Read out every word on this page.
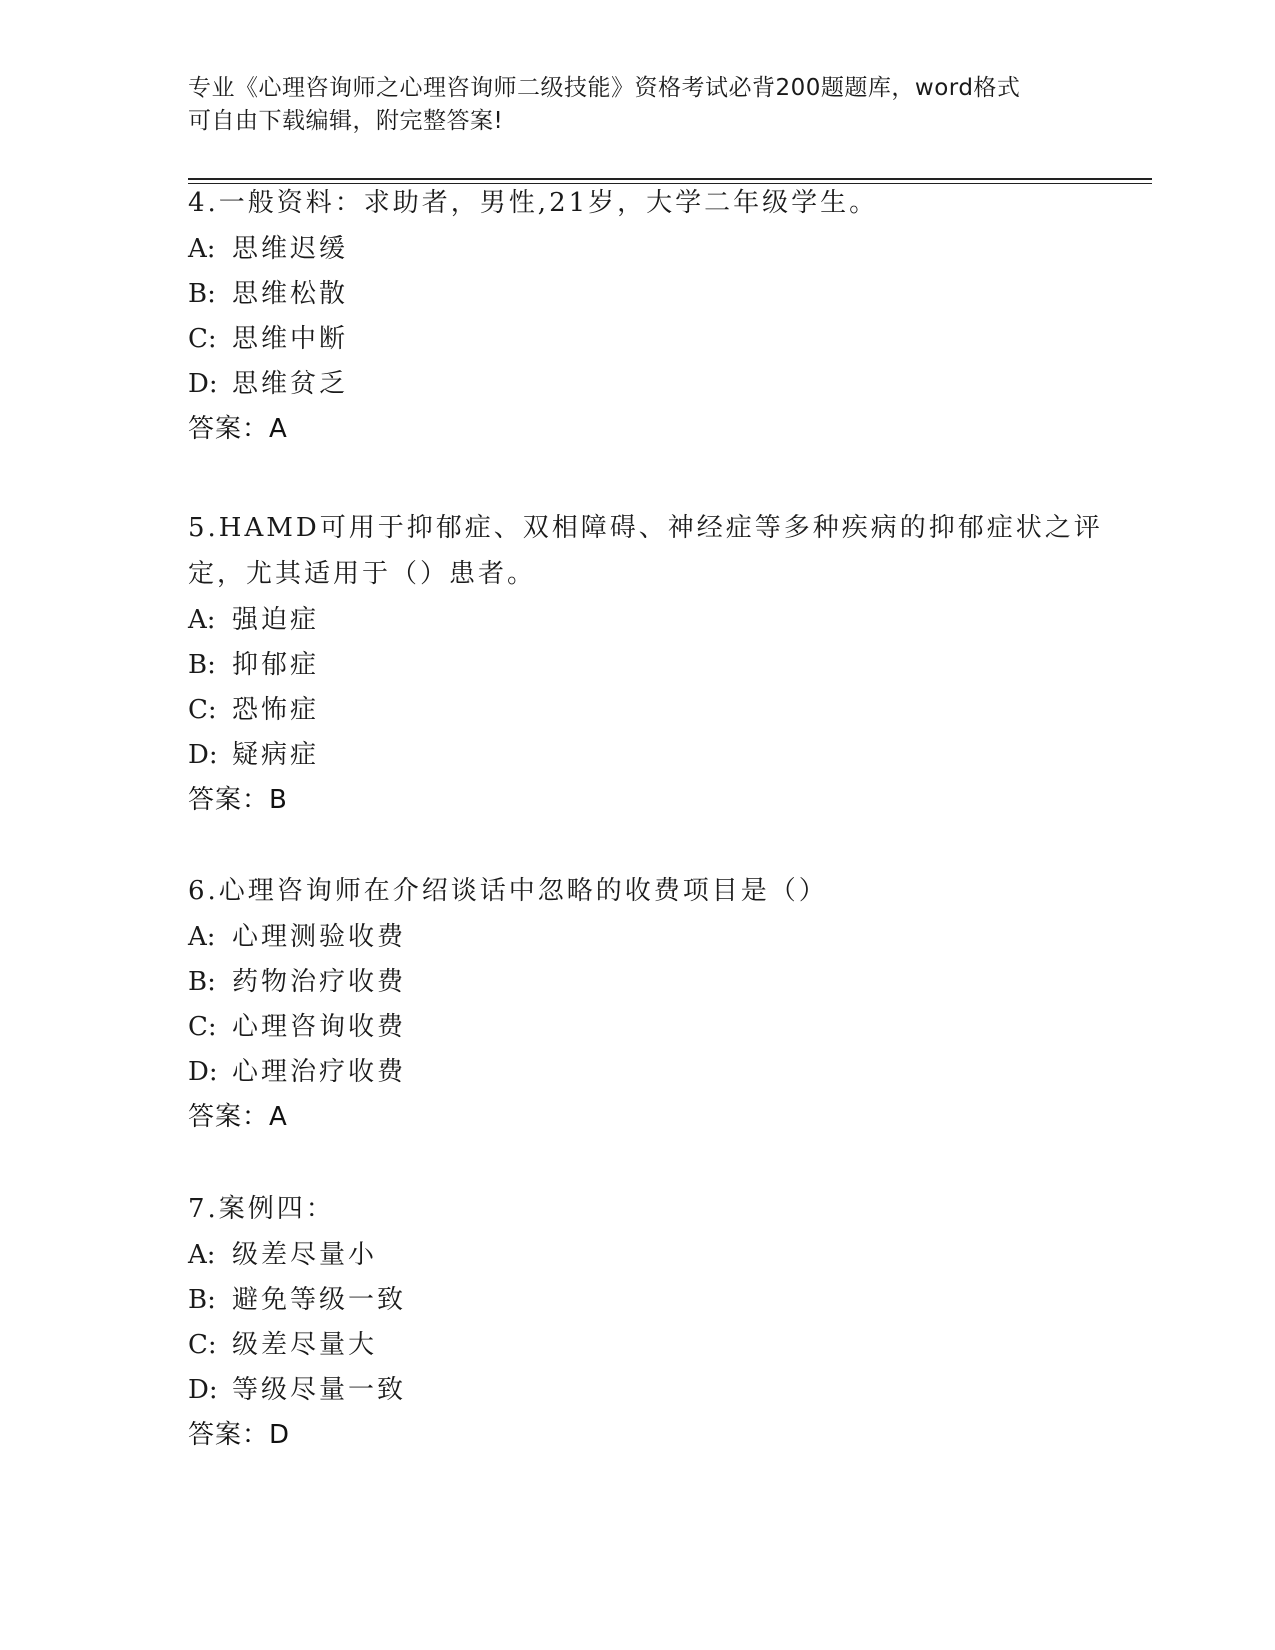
专业《心理咨询师之心理咨询师二级技能》资格考试必背200题题库，word格式
可自由下载编辑，附完整答案!
4.一般资料：求助者，男性,21岁，大学二年级学生。
A: 思维迟缓
B: 思维松散
C: 思维中断
D: 思维贫乏
答案：A
5.HAMD可用于抑郁症、双相障碍、神经症等多种疾病的抑郁症状之评
定，尤其适用于（）患者。
A: 强迫症
B: 抑郁症
C: 恐怖症
D: 疑病症
答案：B
6.心理咨询师在介绍谈话中忽略的收费项目是（）
A: 心理测验收费
B: 药物治疗收费
C: 心理咨询收费
D: 心理治疗收费
答案：A
7.案例四：
A: 级差尽量小
B: 避免等级一致
C: 级差尽量大
D: 等级尽量一致
答案：D
